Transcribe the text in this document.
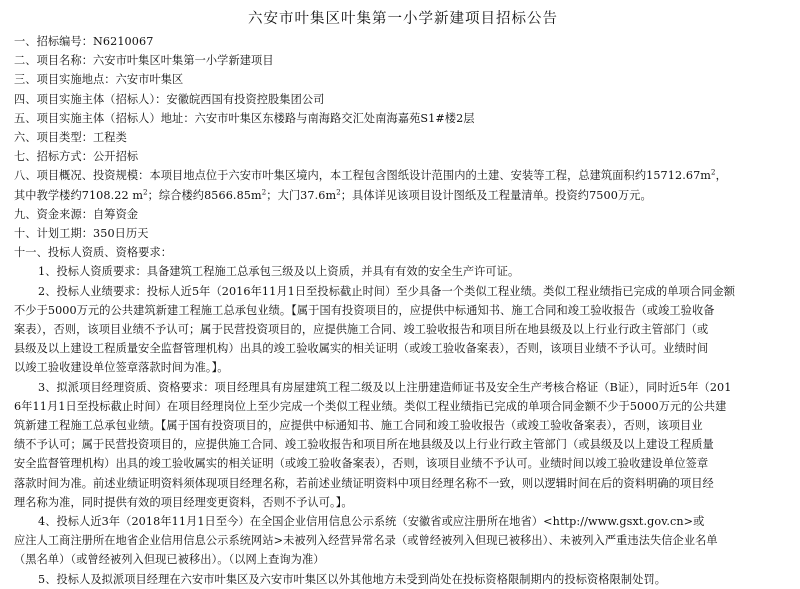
六安市叶集区叶集第一小学新建项目招标公告
一、招标编号：N6210067
二、项目名称：六安市叶集区叶集第一小学新建项目
三、项目实施地点：六安市叶集区
四、项目实施主体（招标人）：安徽皖西国有投资控股集团公司
五、项目实施主体（招标人）地址：六安市叶集区东楼路与南海路交汇处南海嘉苑S1#楼2层
六、项目类型：工程类
七、招标方式：公开招标
八、项目概况、投资规模：本项目地点位于六安市叶集区境内，本工程包含图纸设计范围内的土建、安装等工程，总建筑面积约$15712.67m^2$，
其中教学楼约7108.22 $m^2$；综合楼约$8566.85m^2$；大门$37.6m^2$；具体详见该项目设计图纸及工程量清单。投资约7500万元。
九、资金来源：自筹资金
十、计划工期：350日历天
十一、投标人资质、资格要求：
1、投标人资质要求：具备建筑工程施工总承包三级及以上资质，并具有有效的安全生产许可证。
2、投标人业绩要求：投标人近5年（2016年11月1日至投标截止时间）至少具备一个类似工程业绩。类似工程业绩指已完成的单项合同金额
不少于5000万元的公共建筑新建工程施工总承包业绩。【属于国有投资项目的，应提供中标通知书、施工合同和竣工验收报告（或竣工验收备
案表），否则，该项目业绩不予认可；属于民营投资项目的，应提供施工合同、竣工验收报告和项目所在地县级及以上行业行政主管部门（或
县级及以上建设工程质量安全监督管理机构）出具的竣工验收属实的相关证明（或竣工验收备案表），否则，该项目业绩不予认可。业绩时间
以竣工验收建设单位签章落款时间为准。】。
3、拟派项目经理资质、资格要求：项目经理具有房屋建筑工程二级及以上注册建造师证书及安全生产考核合格证（B证），同时近5年（201
6年11月1日至投标截止时间）在项目经理岗位上至少完成一个类似工程业绩。类似工程业绩指已完成的单项合同金额不少于5000万元的公共建
筑新建工程施工总承包业绩。【属于国有投资项目的，应提供中标通知书、施工合同和竣工验收报告（或竣工验收备案表），否则，该项目业
绩不予认可；属于民营投资项目的，应提供施工合同、竣工验收报告和项目所在地县级及以上行业行政主管部门（或县级及以上建设工程质量
安全监督管理机构）出具的竣工验收属实的相关证明（或竣工验收备案表），否则，该项目业绩不予认可。业绩时间以竣工验收建设单位签章
落款时间为准。前述业绩证明资料须体现项目经理名称，若前述业绩证明资料中项目经理名称不一致，则以逻辑时间在后的资料明确的项目经
理名称为准，同时提供有效的项目经理变更资料，否则不予认可。】。
4、投标人近3年（2018年11月1日至今）在全国企业信用信息公示系统（安徽省或应注册所在地省）<http://www.gsxt.gov.cn>或
应注人工商注册所在地省企业信用信息公示系统网站>未被列入经营异常名录（或曾经被列入但现已被移出）、未被列入严重违法失信企业名单
（黑名单）（或曾经被列入但现已被移出）。（以网上查询为准）
5、投标人及拟派项目经理在六安市叶集区及六安市叶集区以外其他地方未受到尚处在投标资格限制期内的投标资格限制处罚。
